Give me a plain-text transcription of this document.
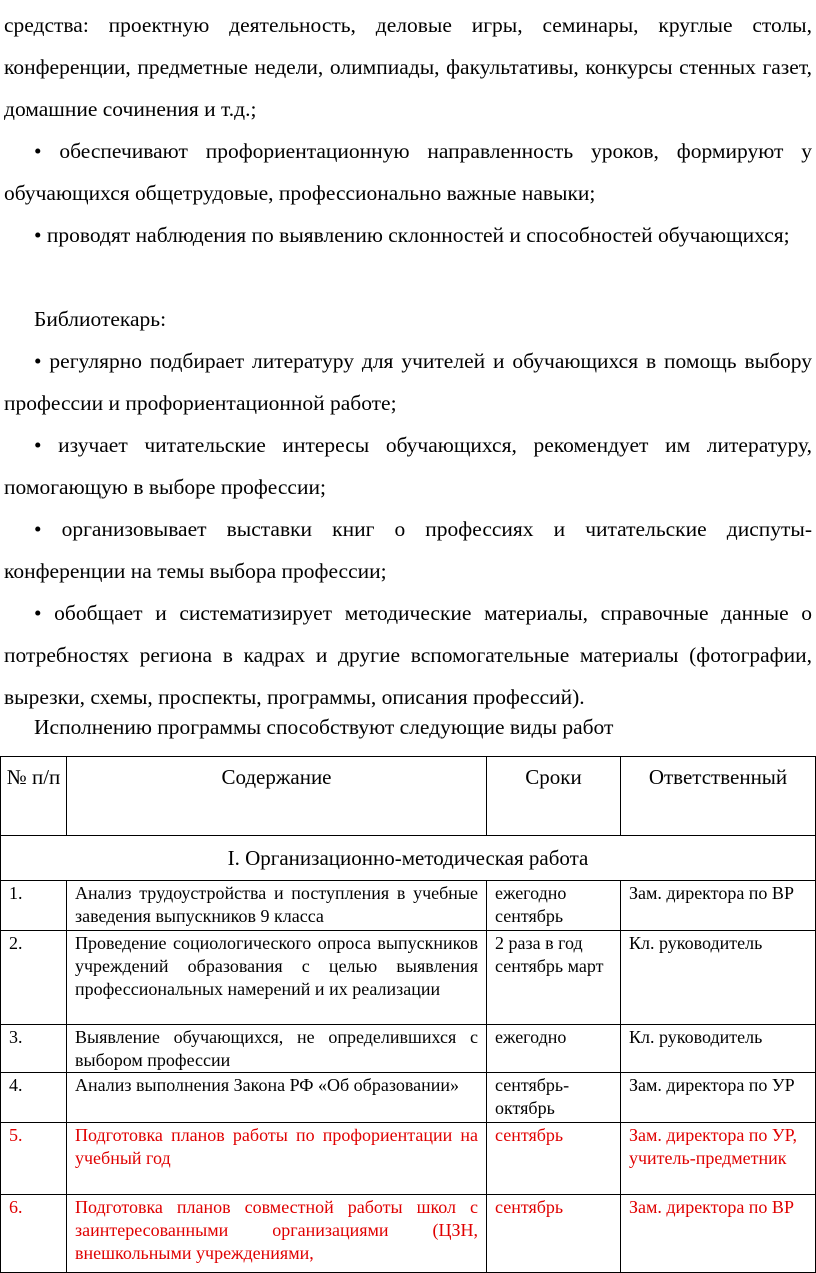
средства: проектную деятельность, деловые игры, семинары, круглые столы, конференции, предметные недели, олимпиады, факультативы, конкурсы стенных газет, домашние сочинения и т.д.;

• обеспечивают профориентационную направленность уроков, формируют у обучающихся общетрудовые, профессионально важные навыки;

• проводят наблюдения по выявлению склонностей и способностей обучающихся;

Библиотекарь:

• регулярно подбирает литературу для учителей и обучающихся в помощь выбору профессии и профориентационной работе;

• изучает читательские интересы обучающихся, рекомендует им литературу, помогающую в выборе профессии;

• организовывает выставки книг о профессиях и читательские диспуты-конференции на темы выбора профессии;

• обобщает и систематизирует методические материалы, справочные данные о потребностях региона в кадрах и другие вспомогательные материалы (фотографии, вырезки, схемы, проспекты, программы, описания профессий).

Исполнению программы способствуют следующие виды работ

№ п/п	Содержание	Сроки	Ответственный
I. Организационно-методическая работа			
1.	Анализ трудоустройства и поступления в учебные заведения выпускников 9 класса	ежегодно сентябрь	Зам. директора по ВР
2.	Проведение социологического опроса выпускников учреждений образования с целью выявления профессиональных намерений и их реализации	2 раза в год сентябрь март	Кл. руководитель
3.	Выявление обучающихся, не определившихся с выбором профессии	ежегодно	Кл. руководитель
4.	Анализ выполнения Закона РФ «Об образовании»	сентябрь-октябрь	Зам. директора по УР
5.	Подготовка планов работы по профориентации на учебный год	сентябрь	Зам. директора по УР, учитель-предметник
6.	Подготовка планов совместной работы школ с заинтересованными организациями (ЦЗН, внешкольными учреждениями,	сентябрь	Зам. директора по ВР
